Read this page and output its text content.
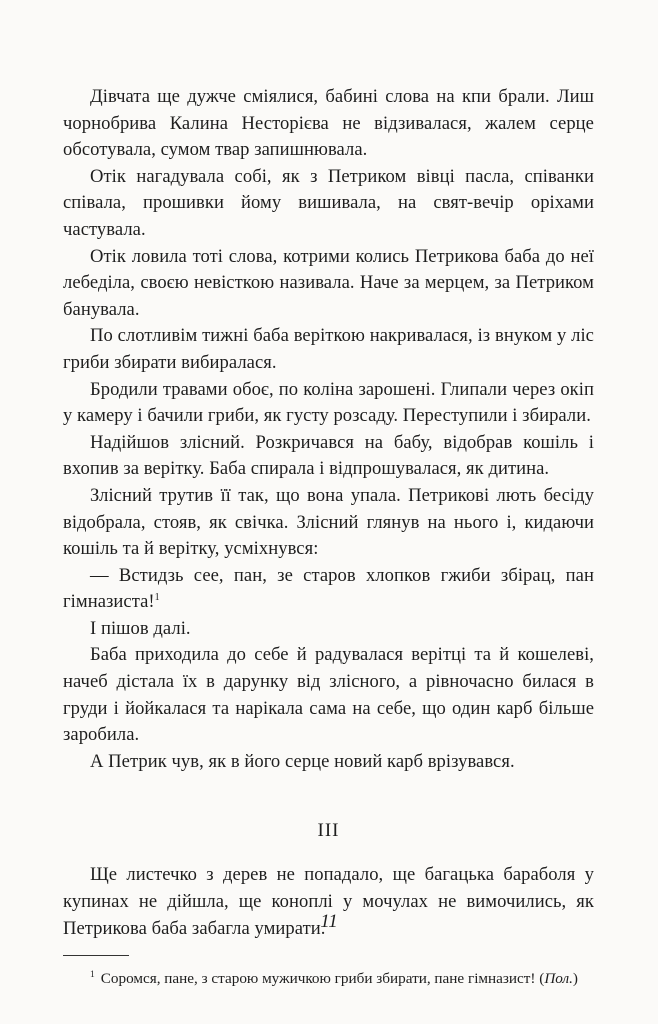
Дівчата ще дужче сміялися, бабині слова на кпи брали. Лиш чорнобрива Калина Несторієва не відзивалася, жалем серце обсотувала, сумом твар запишнювала.

Отік нагадувала собі, як з Петриком вівці пасла, співанки співала, прошивки йому вишивала, на свят-вечір оріхами частувала.

Отік ловила тоті слова, котрими колись Петрикова баба до неї лебеділа, своєю невісткою називала. Наче за мерцем, за Петриком банувала.

По слотливім тижні баба веріткою накривалася, із внуком у ліс гриби збирати вибиралася.

Бродили травами обоє, по коліна зарошені. Глипали через окіп у камеру і бачили гриби, як густу розсаду. Переступили і збирали.

Надійшов злісний. Розкричався на бабу, відобрав кошіль і вхопив за верітку. Баба спирала і відпрошувалася, як дитина.

Злісний трутив її так, що вона упала. Петрикові лють бесіду відобрала, стояв, як свічка. Злісний глянув на нього і, кидаючи кошіль та й верітку, усміхнувся:

— Встидзь сее, пан, зе старов хлопков гжиби збірац, пан гімназиста!$^1$

І пішов далі.

Баба приходила до себе й радувалася верітці та й кошелеві, начеб дістала їх в дарунку від злісного, а рівночасно билася в груди і йойкалася та нарікала сама на себе, що один карб більше заробила.

А Петрик чув, як в його серце новий карб врізувався.

ІІІ

Ще листечко з дерев не попадало, ще багацька бараболя у купинах не дійшла, ще коноплі у мочулах не вимочились, як Петрикова баба забагла умирати.

$^1$ Соромся, пане, з старою мужичкою гриби збирати, пане гімназист! (Пол.)

11
